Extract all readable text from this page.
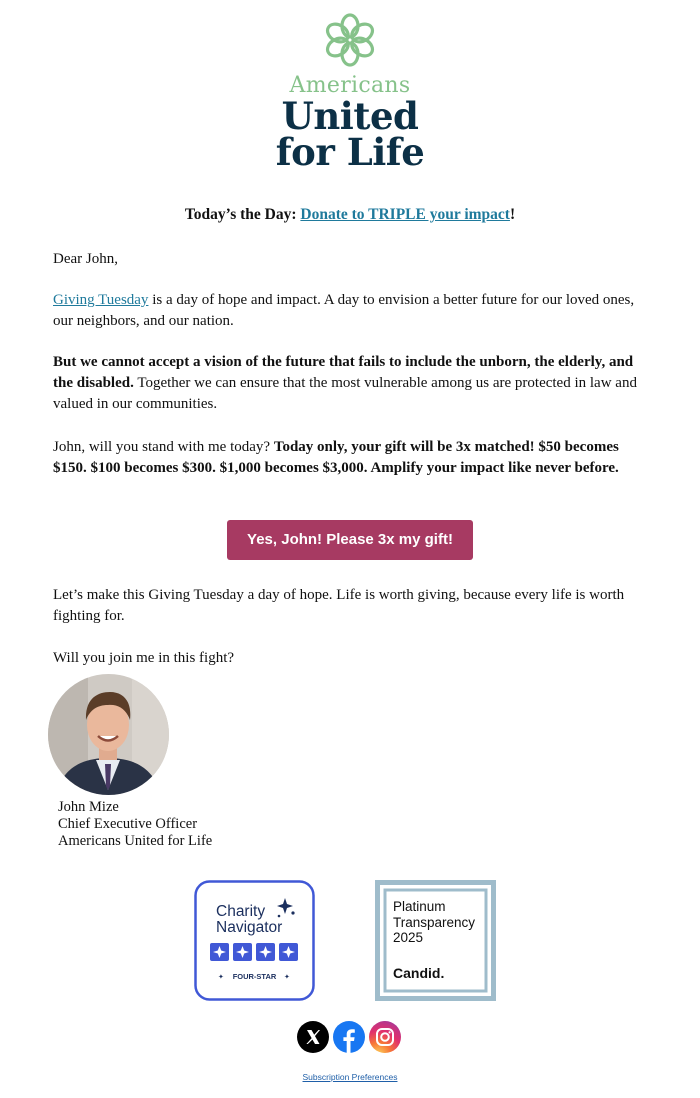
Americans
United
for Life
Today’s the Day: Donate to TRIPLE your impact!

Dear John,

Giving Tuesday is a day of hope and impact. A day to envision a better future for our loved ones, our neighbors, and our nation.

But we cannot accept a vision of the future that fails to include the unborn, the elderly, and the disabled. Together we can ensure that the most vulnerable among us are protected in law and valued in our communities.

John, will you stand with me today? Today only, your gift will be 3x matched! $50 becomes $150. $100 becomes $300. $1,000 becomes $3,000. Amplify your impact like never before.

Yes, John! Please 3x my gift!

Let’s make this Giving Tuesday a day of hope. Life is worth giving, because every life is worth fighting for.

Will you join me in this fight?

John Mize
Chief Executive Officer
Americans United for Life
Charity
Navigator
✦ FOUR-STAR ✦
Platinum
Transparency
2025
Candid.
Subscription Preferences
